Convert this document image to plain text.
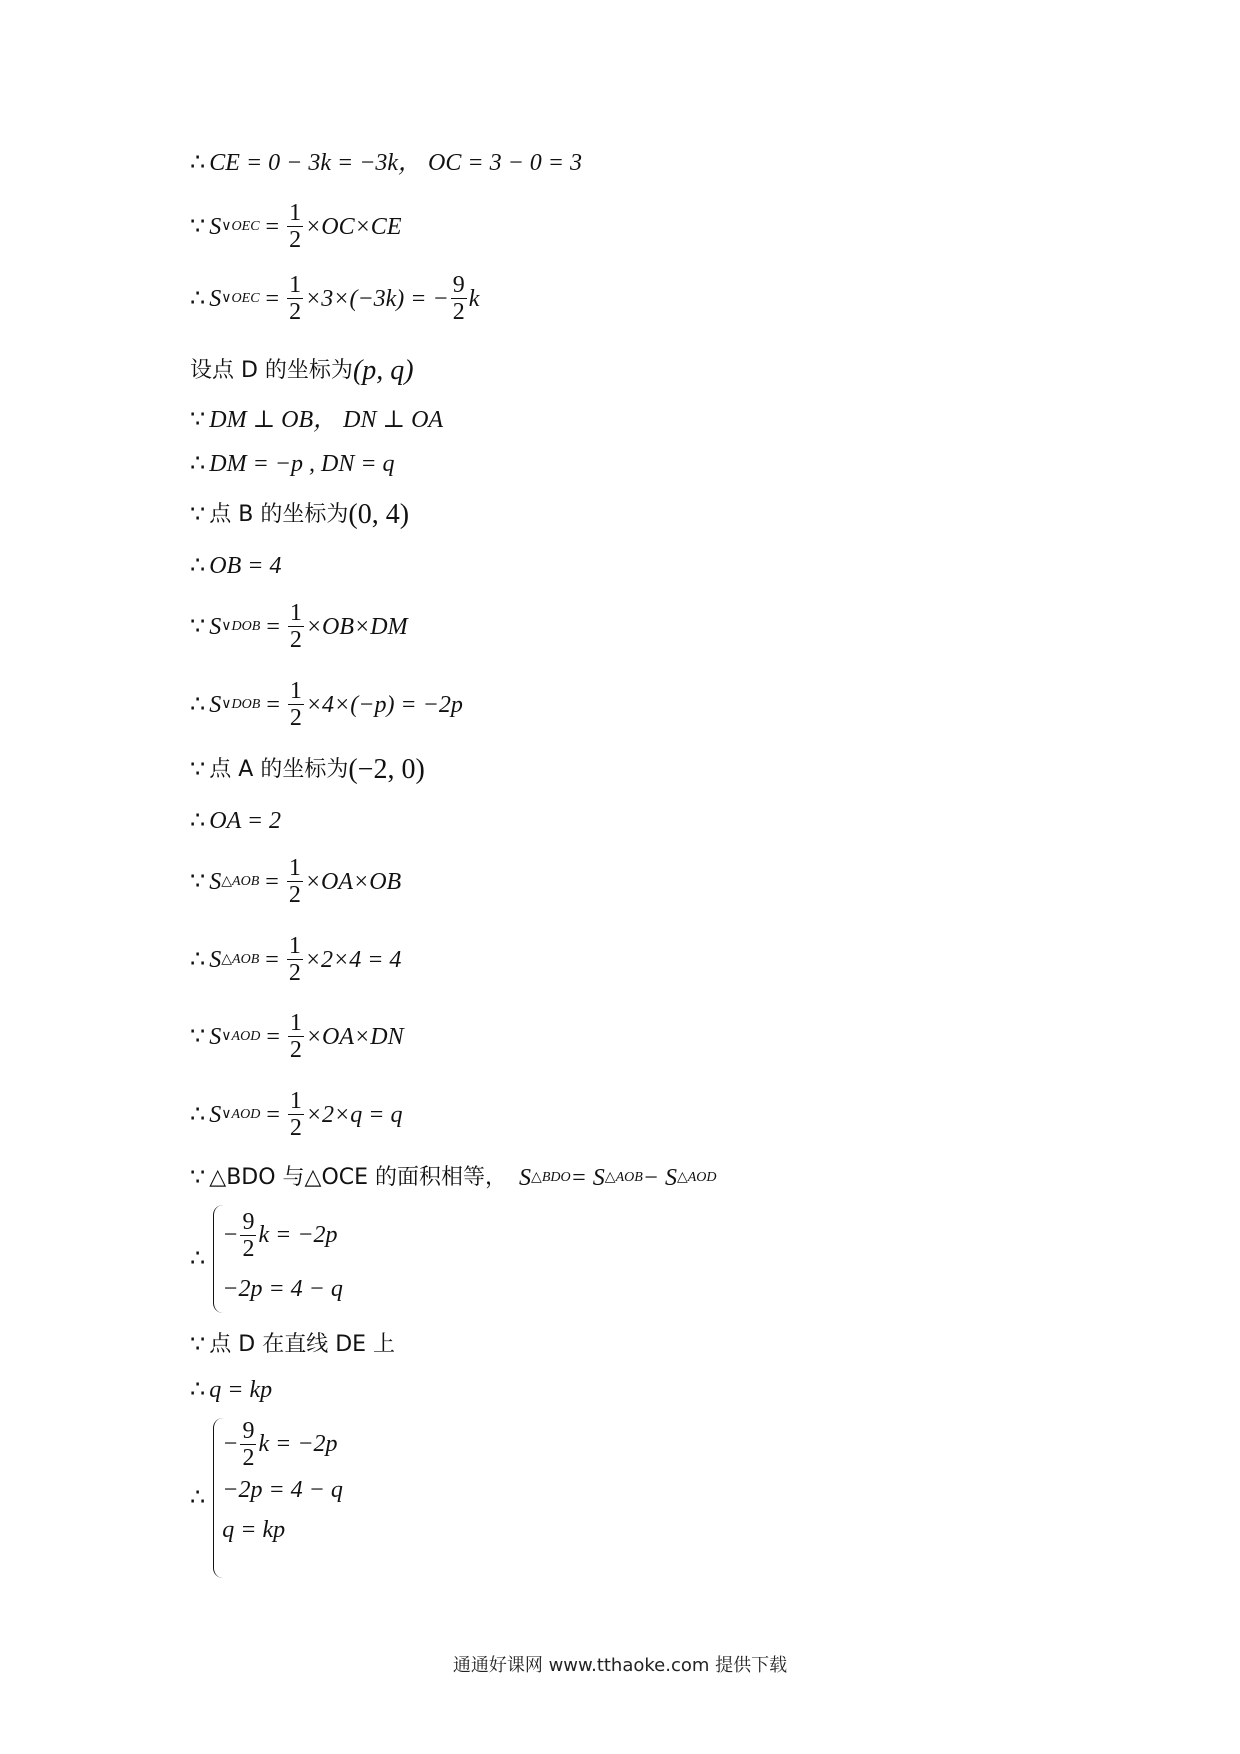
∴ CE = 0 − 3k = −3k，
OC = 3 − 0 = 3
∵ S ∨OEC = $\frac{1}{2} \times OC\times CE$
∴ S ∨OEC = $\frac{1}{2} \times 3\times(-3k)$ = − $\frac{9}{2}$ k
设点 D 的坐标为 (p, q)
∵ DM ⊥ OB， DN ⊥ OA
∴ DM = −p , DN = q
∵ 点 B 的坐标为 (0, 4)
∴ OB = 4
∵ S ∨DOB = $\frac{1}{2} \times OB\times DM$
∴ S ∨DOB = $\frac{1}{2} \times 4\times(-p) = -2p$
∵ 点 A 的坐标为 (−2, 0)
∴ OA = 2
∵ S △AOB = $\frac{1}{2} \times OA\times OB$
∴ S △AOB = $\frac{1}{2} \times 2\times 4 = 4$
∵ S ∨AOD = $\frac{1}{2} \times OA\times DN$
∴ S ∨AOD = $\frac{1}{2} \times 2\times q = q$
∵ △BDO 与△OCE 的面积相等，
S △BDO = S △AOB − S △AOD
∴
− $\frac{9}{2}$ k = −2p
−2p = 4 − q
∵ 点 D 在直线 DE 上
∴ q = kp
∴
− $\frac{9}{2}$ k = −2p
−2p = 4 − q
q = kp
通通好课网 www.tthaoke.com 提供下载
